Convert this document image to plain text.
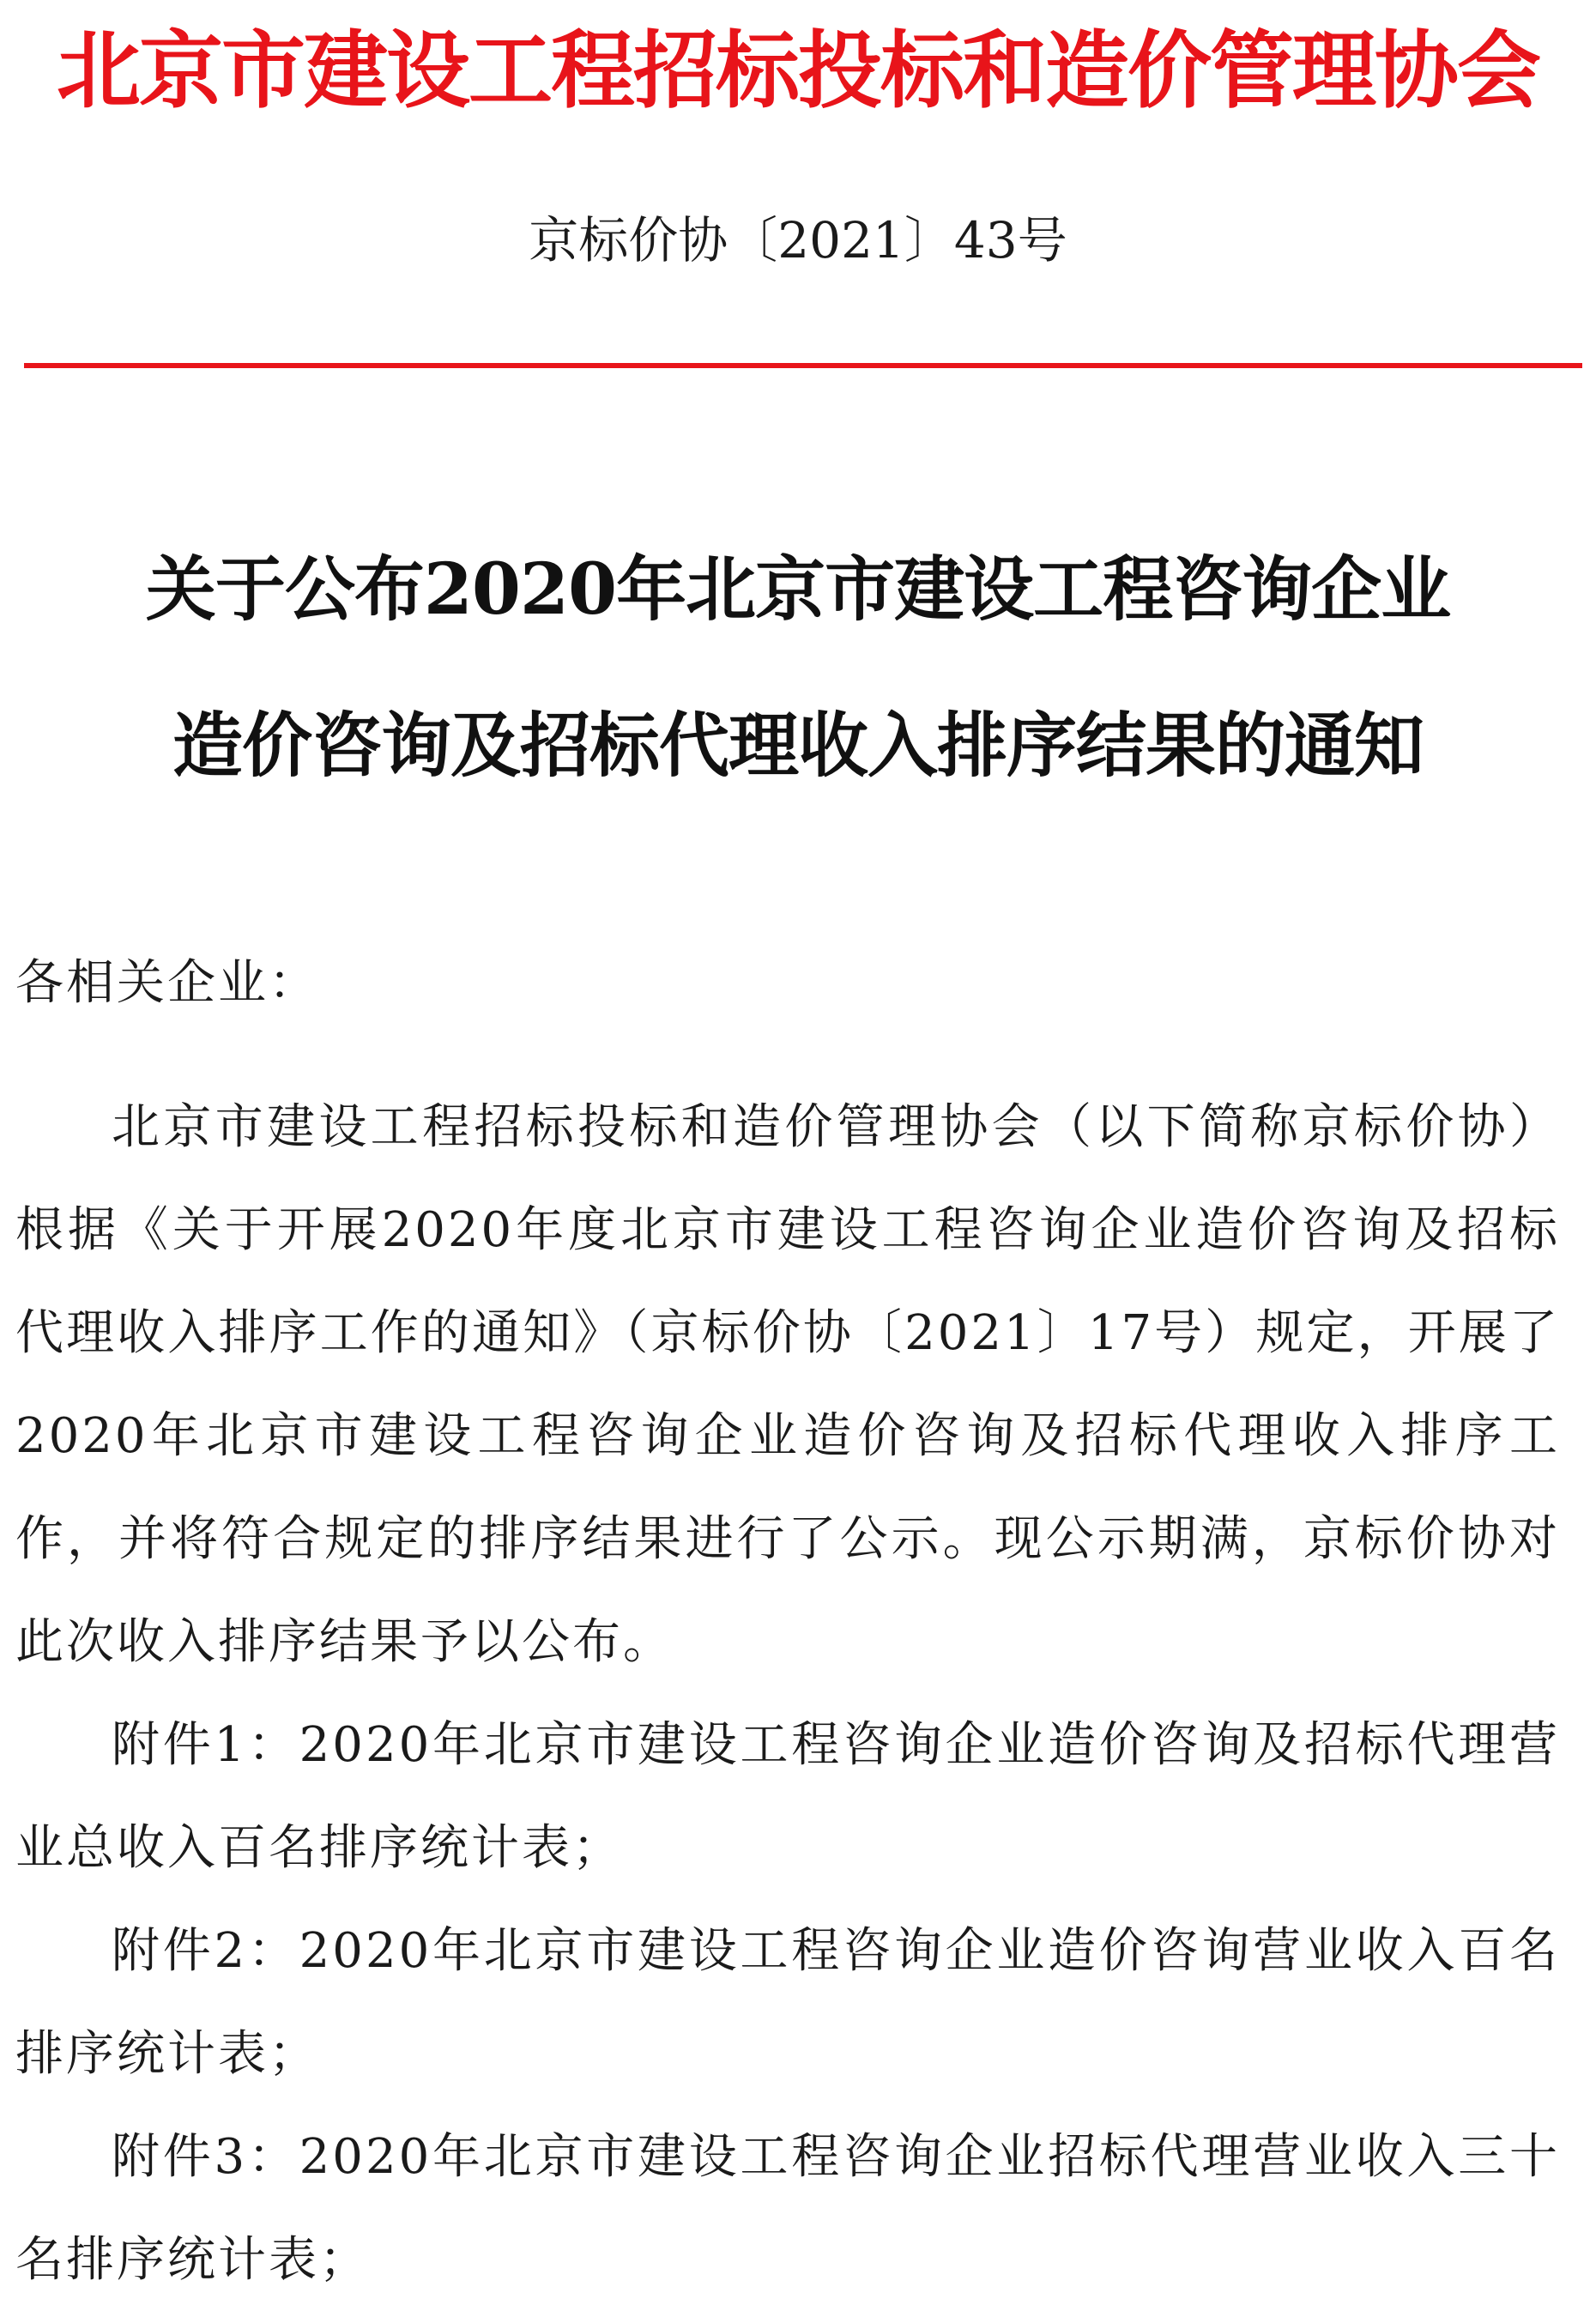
北京市建设工程招标投标和造价管理协会
京标价协〔2021〕43号
关于公布2020年北京市建设工程咨询企业
造价咨询及招标代理收入排序结果的通知

各相关企业：

北京市建设工程招标投标和造价管理协会（以下简称京标价协）根据《关于开展2020年度北京市建设工程咨询企业造价咨询及招标代理收入排序工作的通知》（京标价协〔2021〕17号）规定，开展了2020年北京市建设工程咨询企业造价咨询及招标代理收入排序工作，并将符合规定的排序结果进行了公示。现公示期满，京标价协对此次收入排序结果予以公布。

附件1：2020年北京市建设工程咨询企业造价咨询及招标代理营业总收入百名排序统计表；

附件2：2020年北京市建设工程咨询企业造价咨询营业收入百名排序统计表；

附件3：2020年北京市建设工程咨询企业招标代理营业收入三十名排序统计表；
